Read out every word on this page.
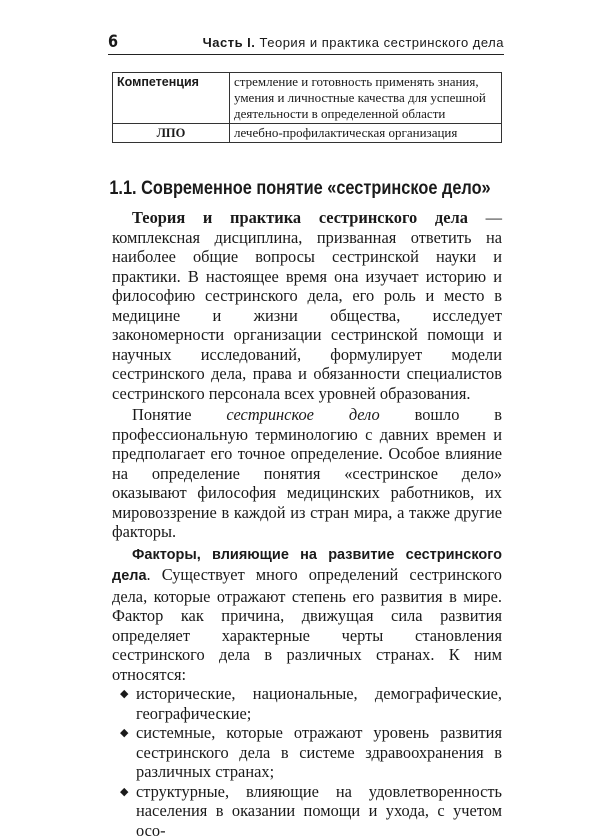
6	Часть I. Теория и практика сестринского дела
Компетенция	стремление и готовность применять знания, умения и личностные качества для успешной деятельности в определенной области
ЛПО	лечебно-профилактическая организация
1.1. Современное понятие «сестринское дело»

Теория и практика сестринского дела — комплексная дисциплина, призванная ответить на наиболее общие вопросы сестринской науки и практики. В настоящее время она изучает историю и философию сестринского дела, его роль и место в медицине и жизни общества, исследует закономерности организации сестринской помощи и научных исследований, формулирует модели сестринского дела, права и обязанности специалистов сестринского персонала всех уровней образования.

Понятие сестринское дело вошло в профессиональную терминологию с давних времен и предполагает его точное определение. Особое влияние на определение понятия «сестринское дело» оказывают философия медицинских работников, их мировоззрение в каждой из стран мира, а также другие факторы.

Факторы, влияющие на развитие сестринского дела. Существует много определений сестринского дела, которые отражают степень его развития в мире. Фактор как причина, движущая сила развития определяет характерные черты становления сестринского дела в различных странах. К ним относятся:

◆ исторические, национальные, демографические, географические;
◆ системные, которые отражают уровень развития сестринского дела в системе здравоохранения в различных странах;
◆ структурные, влияющие на удовлетворенность населения в оказании помощи и ухода, с учетом осо-
